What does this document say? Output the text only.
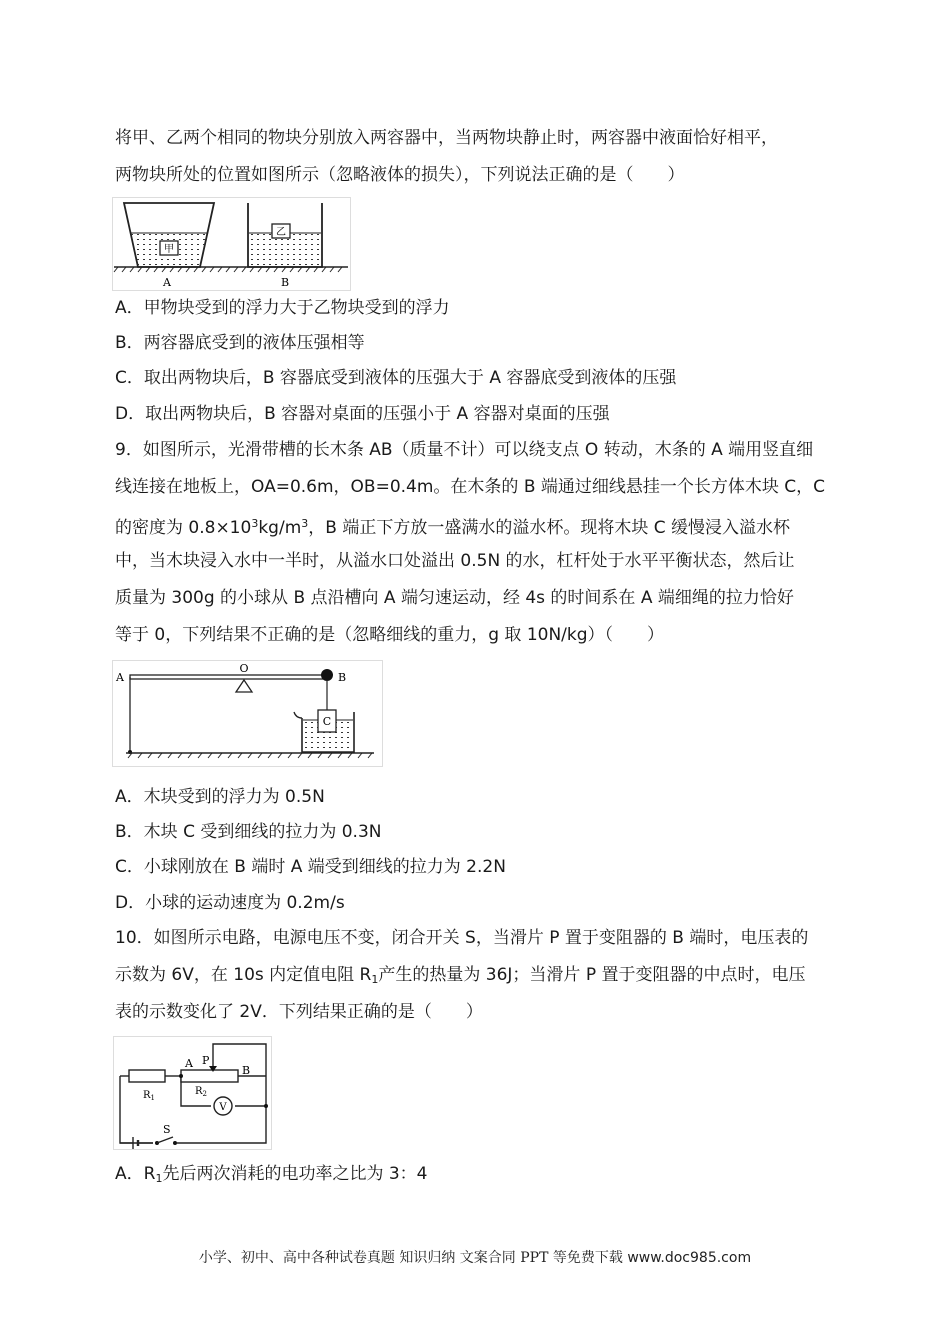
将甲、乙两个相同的物块分别放入两容器中，当两物块静止时，两容器中液面恰好相平，
两物块所处的位置如图所示（忽略液体的损失），下列说法正确的是（　　）
甲
乙
A	B
A．甲物块受到的浮力大于乙物块受到的浮力
B．两容器底受到的液体压强相等
C．取出两物块后，B 容器底受到液体的压强大于 A 容器底受到液体的压强
D．取出两物块后，B 容器对桌面的压强小于 A 容器对桌面的压强
9．如图所示，光滑带槽的长木条 AB（质量不计）可以绕支点 O 转动，木条的 A 端用竖直细
线连接在地板上，OA=0.6m，OB=0.4m。在木条的 B 端通过细线悬挂一个长方体木块 C，C
的密度为 $0.8\times 10^3kg/m^3$，B 端正下方放一盛满水的溢水杯。现将木块 C 缓慢浸入溢水杯
中，当木块浸入水中一半时，从溢水口处溢出 0.5N 的水，杠杆处于水平平衡状态，然后让
质量为 300g 的小球从 B 点沿槽向 A 端匀速运动，经 4s 的时间系在 A 端细绳的拉力恰好
等于 0，下列结果不正确的是（忽略细线的重力，g 取 10N/kg）（　　）
O
A	B
C
A．木块受到的浮力为 0.5N
B．木块 C 受到细线的拉力为 0.3N
C．小球刚放在 B 端时 A 端受到细线的拉力为 2.2N
D．小球的运动速度为 0.2m/s
10．如图所示电路，电源电压不变，闭合开关 S，当滑片 P 置于变阻器的 B 端时，电压表的
示数为 6V，在 10s 内定值电阻 $R_1$产生的热量为 36J；当滑片 P 置于变阻器的中点时，电压
表的示数变化了 2V．下列结果正确的是（　　）
$R_1$
P
A
B
$R_2$
V
S
A．$R_1$先后两次消耗的电功率之比为 3：4
小学、初中、高中各种试卷真题 知识归纳 文案合同 PPT 等免费下载 www.doc985.com
